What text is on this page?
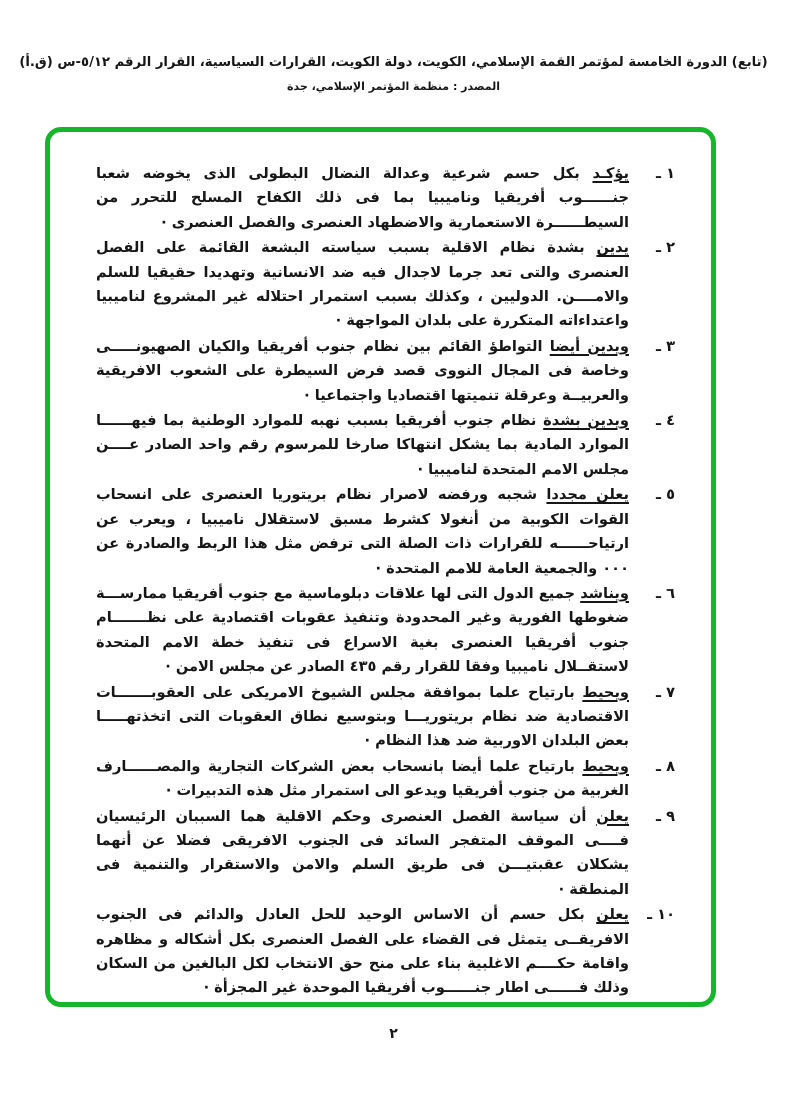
(تابع) الدورة الخامسة لمؤتمر القمة الإسلامي، الكويت، دولة الكويت، القرارات السياسية، القرار الرقم ٥/١٢-س (ق.أ)
المصدر : منظمة المؤتمر الإسلامي، جدة
١ ـ
يؤكـد بكل حسم شرعية وعدالة النضال البطولى الذى يخوضه شعبا جنــــــوب أفريقيا وناميبيا بما فى ذلك الكفاح المسلح للتحرر من السيطــــــرة الاستعمارية والاضطهاد العنصرى والفصل العنصرى ·
٢ ـ
يدين بشدة نظام الاقلية بسبب سياسته البشعة القائمة على الفصل العنصرى والتى تعد جرما لاجدال فيه ضد الانسانية وتهديدا حقيقيا للسلم والامــــن. الدوليين ، وكذلك بسبب استمرار احتلاله غير المشروع لناميبيا واعتداءاته المتكررة على بلدان المواجهة ·
٣ ـ
ويدين أيضا التواطؤ القائم بين نظام جنوب أفريقيا والكيان الصهيونـــــى وخاصة فى المجال النووى قصد فرض السيطرة على الشعوب الافريقية والعربيــة وعرقلة تنميتها اقتصاديا واجتماعيا ·
٤ ـ
ويدين بشدة نظام جنوب أفريقيا بسبب نهبه للموارد الوطنية بما فيهــــــا الموارد المادية بما يشكل انتهاكا صارخا للمرسوم رقم واحد الصادر عــــن مجلس الامم المتحدة لناميبيا ·
٥ ـ
يعلن مجددا شجبه ورفضه لاصرار نظام بريتوريا العنصرى على انسحاب القوات الكوبية من أنغولا كشرط مسبق لاستقلال ناميبيا ، ويعرب عن ارتياحــــــه للقرارات ذات الصلة التى ترفض مثل هذا الربط والصادرة عن ٠٠٠ والجمعية العامة للامم المتحدة ·
٦ ـ
ويناشد جميع الدول التى لها علاقات دبلوماسية مع جنوب أفريقيا ممارســـة ضغوطها الفورية وغير المحدودة وتنفيذ عقوبات اقتصادية على نظـــــــام جنوب أفريقيا العنصرى بغية الاسراع فى تنفيذ خطة الامم المتحدة لاستقــلال ناميبيا وفقا للقرار رقم ٤٣٥ الصادر عن مجلس الامن ·
٧ ـ
ويحيط بارتياح علما بموافقة مجلس الشيوخ الامريكى على العقوبـــــــات الاقتصادية ضد نظام بريتوريـــا وبتوسيع نطاق العقوبات التى اتخذتهـــــا بعض البلدان الاوربية ضد هذا النظام ·
٨ ـ
ويحيط بارتياح علما أيضا بانسحاب بعض الشركات التجارية والمصــــــارف الغربية من جنوب أفريقيا ويدعو الى استمرار مثل هذه التدبيرات ·
٩ ـ
يعلن أن سياسة الفصل العنصرى وحكم الاقلية هما السببان الرئيسيان فــــى الموقف المتفجر السائد فى الجنوب الافريقى فضلا عن أنهما يشكلان عقبتيـــن فى طريق السلم والامن والاستقرار والتنمية فى المنطقة ·
١٠ ـ
يعلن بكل حسم أن الاساس الوحيد للحل العادل والدائم فى الجنوب الافريقــى يتمثل فى القضاء على الفصل العنصرى بكل أشكاله و مظاهره واقامة حكــــم الاغلبية بناء على منح حق الانتخاب لكل البالغين من السكان وذلك فــــــى اطار جنــــــوب أفريقيا الموحدة غير المجزأة ·
٢
